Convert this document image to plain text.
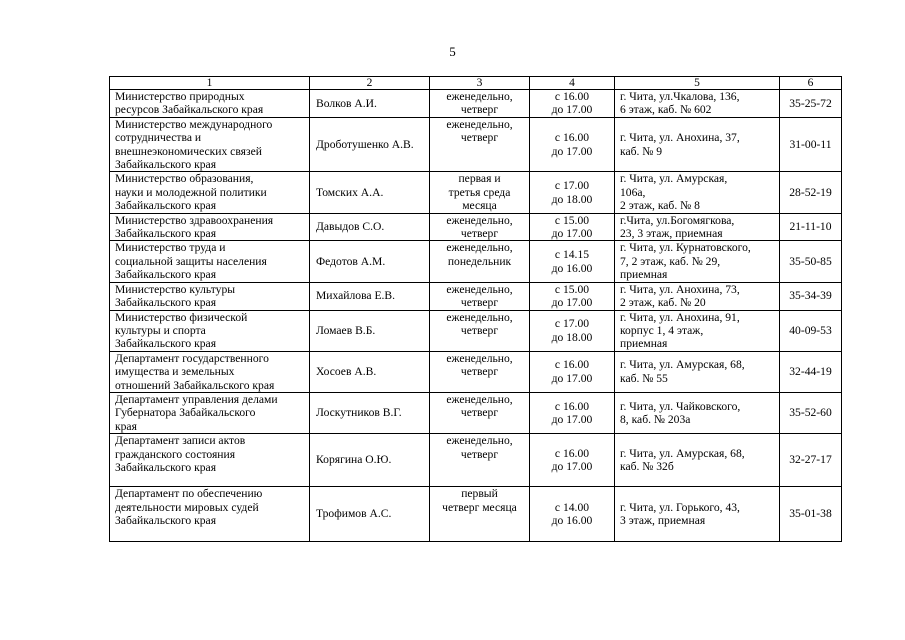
5
1	2	3	4	5	6

Министерство природных
ресурсов Забайкальского края	Волков А.И.	еженедельно,
четверг	с 16.00
до 17.00	г. Чита, ул.Чкалова, 136,
6 этаж, каб. № 602	35-25-72

Министерство международного
сотрудничества и
внешнеэкономических связей
Забайкальского края	Дроботушенко А.В.	еженедельно,
четверг	с 16.00
до 17.00	г. Чита, ул. Анохина, 37,
каб. № 9	31-00-11

Министерство образования,
науки и молодежной политики
Забайкальского края	Томских А.А.	первая и
третья среда
месяца	с 17.00
до 18.00	г. Чита, ул. Амурская,
106а,
2 этаж, каб. № 8	28-52-19

Министерство здравоохранения
Забайкальского края	Давыдов С.О.	еженедельно,
четверг	с 15.00
до 17.00	г.Чита, ул.Богомягкова,
23, 3 этаж, приемная	21-11-10

Министерство труда и
социальной защиты населения
Забайкальского края	Федотов А.М.	еженедельно,
понедельник	с 14.15
до 16.00	г. Чита, ул. Курнатовского,
7, 2 этаж, каб. № 29,
приемная	35-50-85

Министерство культуры
Забайкальского края	Михайлова Е.В.	еженедельно,
четверг	с 15.00
до 17.00	г. Чита, ул. Анохина, 73,
2 этаж, каб. № 20	35-34-39

Министерство физической
культуры и спорта
Забайкальского края	Ломаев В.Б.	еженедельно,
четверг	с 17.00
до 18.00	г. Чита, ул. Анохина, 91,
корпус 1, 4 этаж,
приемная	40-09-53

Департамент государственного
имущества и земельных
отношений Забайкальского края	Хосоев А.В.	еженедельно,
четверг	с 16.00
до 17.00	г. Чита, ул. Амурская, 68,
каб. № 55	32-44-19

Департамент управления делами
Губернатора Забайкальского
края	Лоскутников В.Г.	еженедельно,
четверг	с 16.00
до 17.00	г. Чита, ул. Чайковского,
8, каб. № 203а	35-52-60

Департамент записи актов
гражданского состояния
Забайкальского края	Корягина О.Ю.	еженедельно,
четверг	с 16.00
до 17.00	г. Чита, ул. Амурская, 68,
каб. № 32б	32-27-17

Департамент по обеспечению
деятельности мировых судей
Забайкальского края	Трофимов А.С.	первый
четверг месяца	с 14.00
до 16.00	г. Чита, ул. Горького, 43,
3 этаж, приемная	35-01-38
